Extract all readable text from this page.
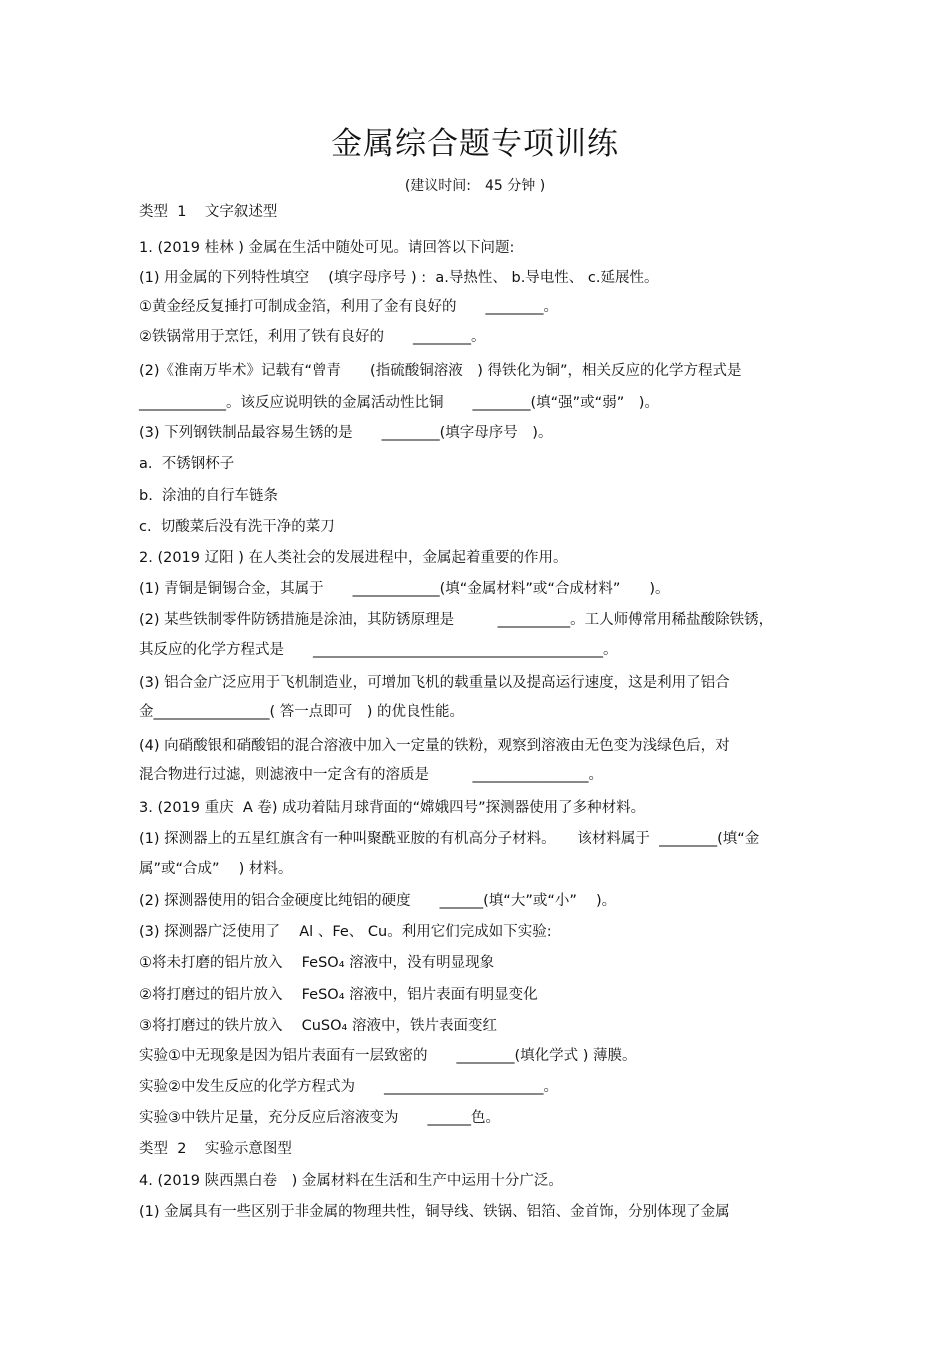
金属综合题专项训练
(建议时间:　45 分钟 )
类型  1    文字叙述型
1. (2019 桂林 ) 金属在生活中随处可见。请回答以下问题:
(1) 用金属的下列特性填空　 (填字母序号 ) :  a.导热性、 b.导电性、 c.延展性。
①黄金经反复捶打可制成金箔，利用了金有良好的　　________。
②铁锅常用于烹饪，利用了铁有良好的　　________。
(2)《淮南万毕术》记载有“曾青　　(指硫酸铜溶液　) 得铁化为铜”，相关反应的化学方程式是
____________。该反应说明铁的金属活动性比铜　　________(填“强”或“弱”　)。
(3) 下列钢铁制品最容易生锈的是　　________(填字母序号　)。
a.  不锈钢杯子
b.  涂油的自行车链条
c.  切酸菜后没有洗干净的菜刀
2. (2019 辽阳 ) 在人类社会的发展进程中，金属起着重要的作用。
(1) 青铜是铜锡合金，其属于　　____________(填“金属材料”或“合成材料”　　)。
(2) 某些铁制零件防锈措施是涂油，其防锈原理是　　　__________。工人师傅常用稀盐酸除铁锈，
其反应的化学方程式是　　________________________________________。
(3) 铝合金广泛应用于飞机制造业，可增加飞机的载重量以及提高运行速度，这是利用了铝合
金________________( 答一点即可　) 的优良性能。
(4) 向硝酸银和硝酸铝的混合溶液中加入一定量的铁粉，观察到溶液由无色变为浅绿色后，对
混合物进行过滤，则滤液中一定含有的溶质是　　　________________。
3. (2019 重庆  A 卷) 成功着陆月球背面的“嫦娥四号”探测器使用了多种材料。
(1) 探测器上的五星红旗含有一种叫聚酰亚胺的有机高分子材料。　　该材料属于  ________(填“金
属”或“合成”　 ) 材料。
(2) 探测器使用的铝合金硬度比纯铝的硬度　　______(填“大”或“小”　 )。
(3) 探测器广泛使用了　 Al 、Fe、 Cu。利用它们完成如下实验:
①将未打磨的铝片放入　 FeSO₄ 溶液中，没有明显现象
②将打磨过的铝片放入　 FeSO₄ 溶液中，铝片表面有明显变化
③将打磨过的铁片放入　 CuSO₄ 溶液中，铁片表面变红
实验①中无现象是因为铝片表面有一层致密的　　________(填化学式 ) 薄膜。
实验②中发生反应的化学方程式为　　______________________。
实验③中铁片足量，充分反应后溶液变为　　______色。
类型  2    实验示意图型
4. (2019 陕西黑白卷　) 金属材料在生活和生产中运用十分广泛。
(1) 金属具有一些区别于非金属的物理共性，铜导线、铁锅、铝箔、金首饰，分别体现了金属
